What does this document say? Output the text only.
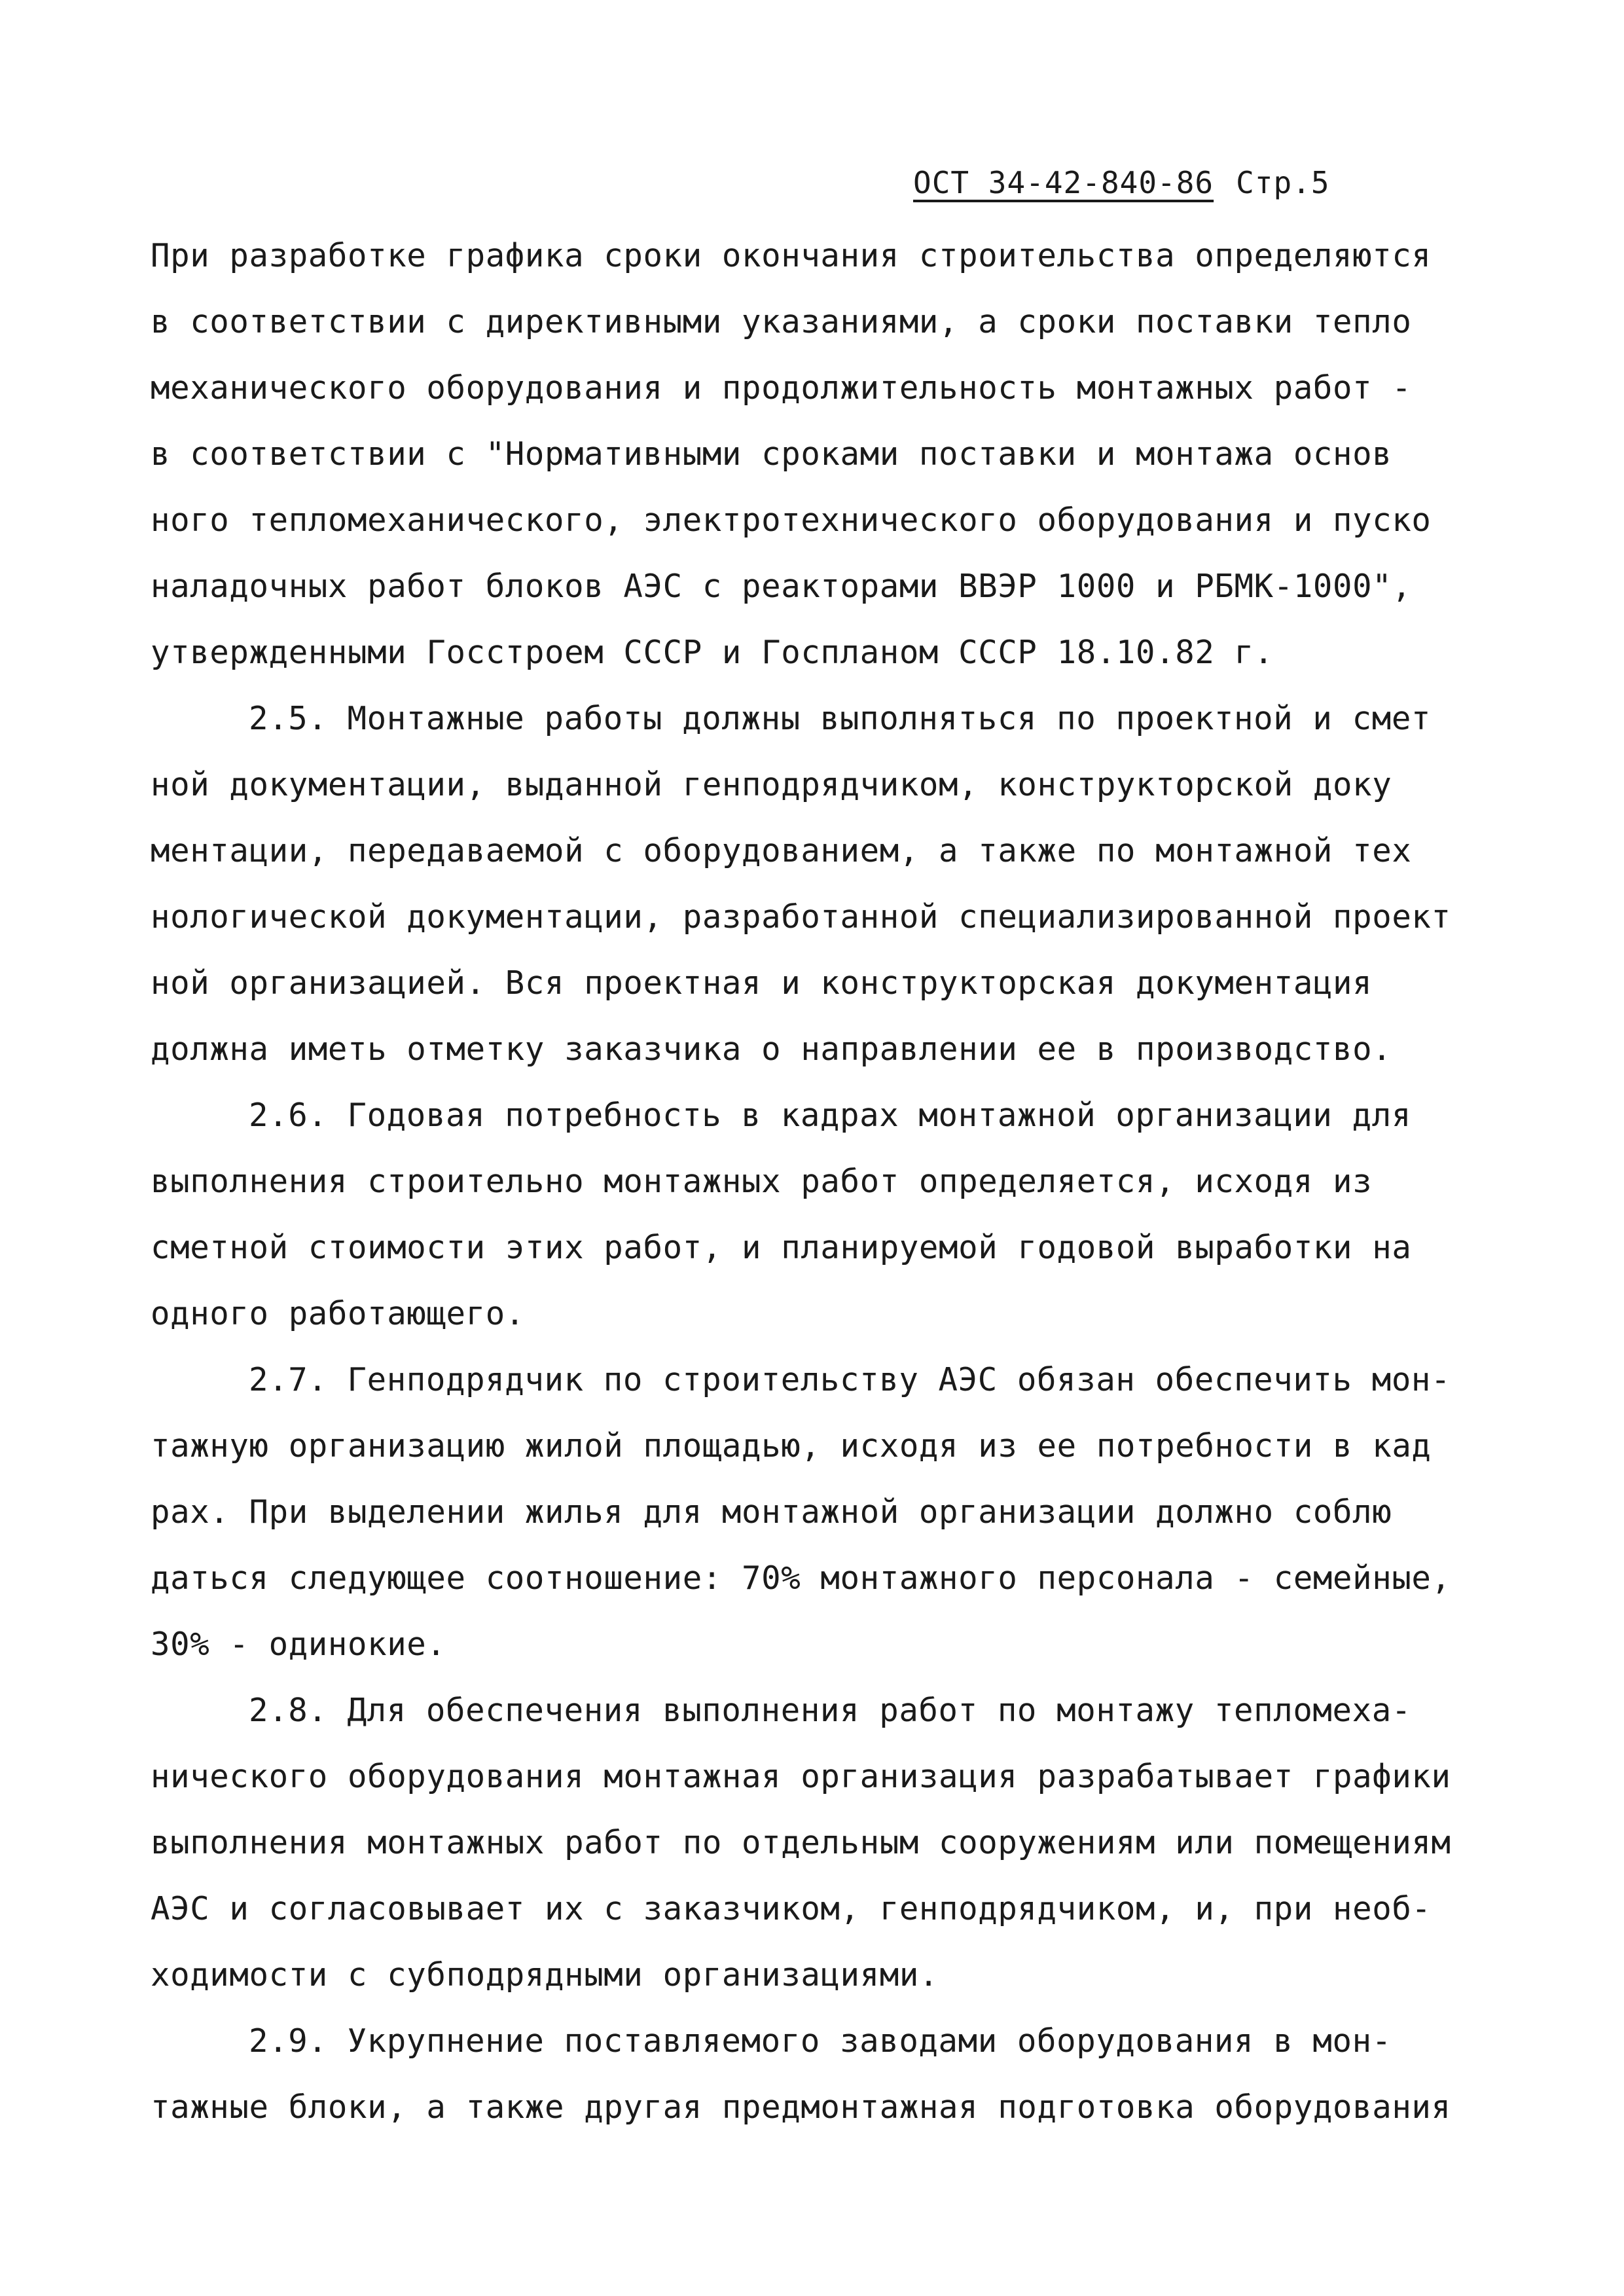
ОСТ 34-42-840-86 Стр.5
При разработке графика сроки окончания строительства определяются
в соответствии с директивными указаниями, а сроки поставки тепло
механического оборудования и продолжительность монтажных работ -
в соответствии с "Нормативными сроками поставки и монтажа основ
ного тепломеханического, электротехнического оборудования и пуско
наладочных работ блоков АЭС с реакторами ВВЭР 1000 и РБМК-1000",
утвержденными Госстроем СССР и Госпланом СССР 18.10.82 г.
2.5. Монтажные работы должны выполняться по проектной и смет
ной документации, выданной генподрядчиком, конструкторской доку
ментации, передаваемой с оборудованием, а также по монтажной тех
нологической документации, разработанной специализированной проект
ной организацией. Вся проектная и конструкторская документация
должна иметь отметку заказчика о направлении ее в производство.
2.6. Годовая потребность в кадрах монтажной организации для
выполнения строительно монтажных работ определяется, исходя из
сметной стоимости этих работ, и планируемой годовой выработки на
одного работающего.
2.7. Генподрядчик по строительству АЭС обязан обеспечить мон-
тажную организацию жилой площадью, исходя из ее потребности в кад
рах. При выделении жилья для монтажной организации должно соблю
даться следующее соотношение: 70% монтажного персонала - семейные,
30% - одинокие.
2.8. Для обеспечения выполнения работ по монтажу тепломеха-
нического оборудования монтажная организация разрабатывает графики
выполнения монтажных работ по отдельным сооружениям или помещениям
АЭС и согласовывает их с заказчиком, генподрядчиком, и, при необ-
ходимости с субподрядными организациями.
2.9. Укрупнение поставляемого заводами оборудования в мон-
тажные блоки, а также другая предмонтажная подготовка оборудования
